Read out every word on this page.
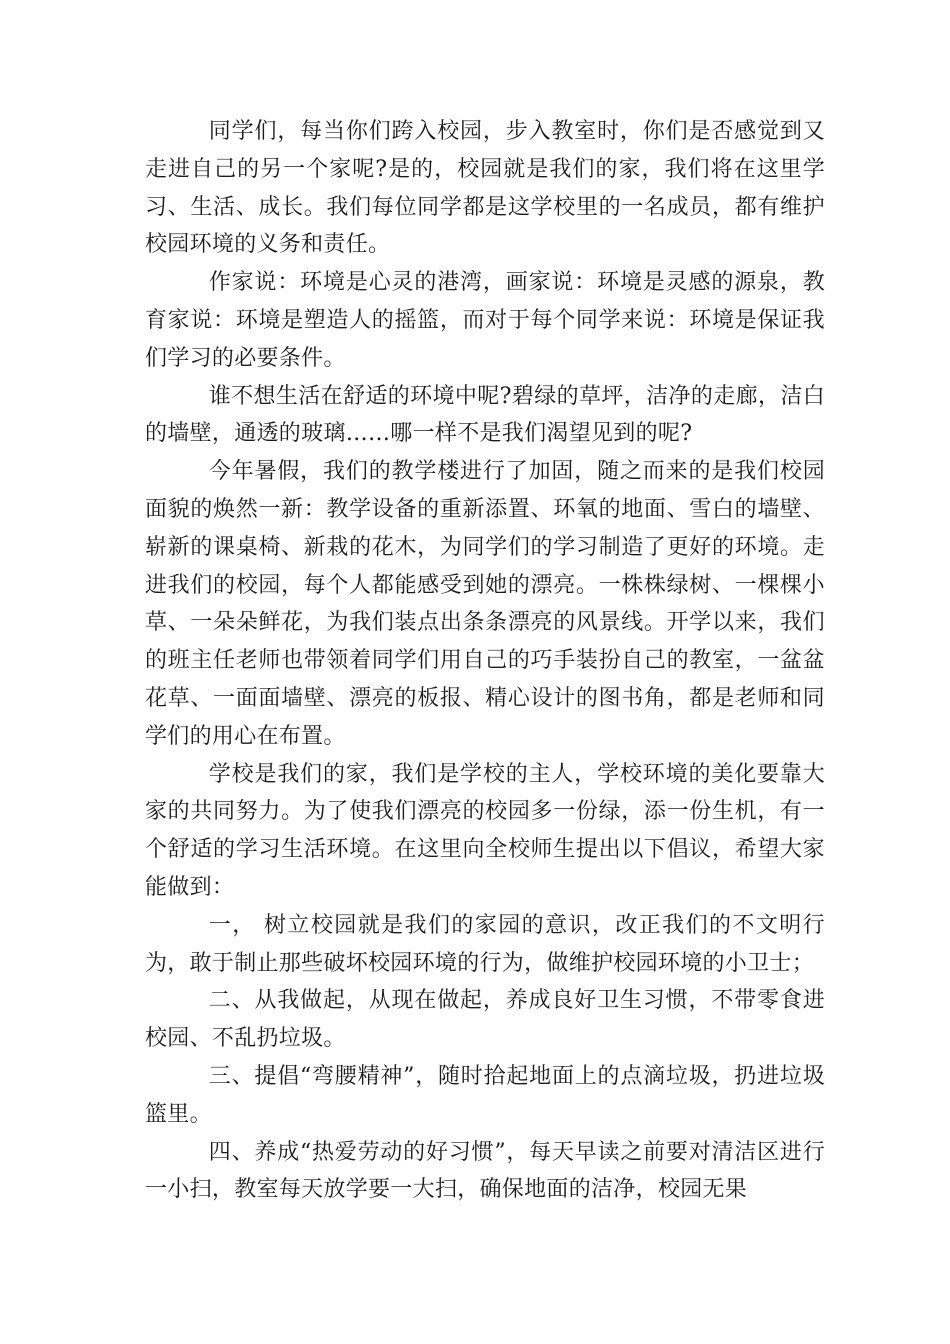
同学们，每当你们跨入校园，步入教室时，你们是否感觉到又走进自己的另一个家呢?是的，校园就是我们的家，我们将在这里学习、生活、成长。我们每位同学都是这学校里的一名成员，都有维护校园环境的义务和责任。

作家说：环境是心灵的港湾，画家说：环境是灵感的源泉，教育家说：环境是塑造人的摇篮，而对于每个同学来说：环境是保证我们学习的必要条件。

谁不想生活在舒适的环境中呢?碧绿的草坪，洁净的走廊，洁白的墙壁，通透的玻璃……哪一样不是我们渴望见到的呢?

今年暑假，我们的教学楼进行了加固，随之而来的是我们校园面貌的焕然一新：教学设备的重新添置、环氧的地面、雪白的墙壁、崭新的课桌椅、新栽的花木，为同学们的学习制造了更好的环境。走进我们的校园，每个人都能感受到她的漂亮。一株株绿树、一棵棵小草、一朵朵鲜花，为我们装点出条条漂亮的风景线。开学以来，我们的班主任老师也带领着同学们用自己的巧手装扮自己的教室，一盆盆花草、一面面墙壁、漂亮的板报、精心设计的图书角，都是老师和同学们的用心在布置。

学校是我们的家，我们是学校的主人，学校环境的美化要靠大家的共同努力。为了使我们漂亮的校园多一份绿，添一份生机，有一个舒适的学习生活环境。在这里向全校师生提出以下倡议，希望大家能做到：

一， 树立校园就是我们的家园的意识，改正我们的不文明行为，敢于制止那些破坏校园环境的行为，做维护校园环境的小卫士；

二、从我做起，从现在做起，养成良好卫生习惯，不带零食进校园、不乱扔垃圾。

三、提倡“弯腰精神”，随时拾起地面上的点滴垃圾，扔进垃圾篮里。

四、养成“热爱劳动的好习惯”，每天早读之前要对清洁区进行一小扫，教室每天放学要一大扫，确保地面的洁净，校园无果
